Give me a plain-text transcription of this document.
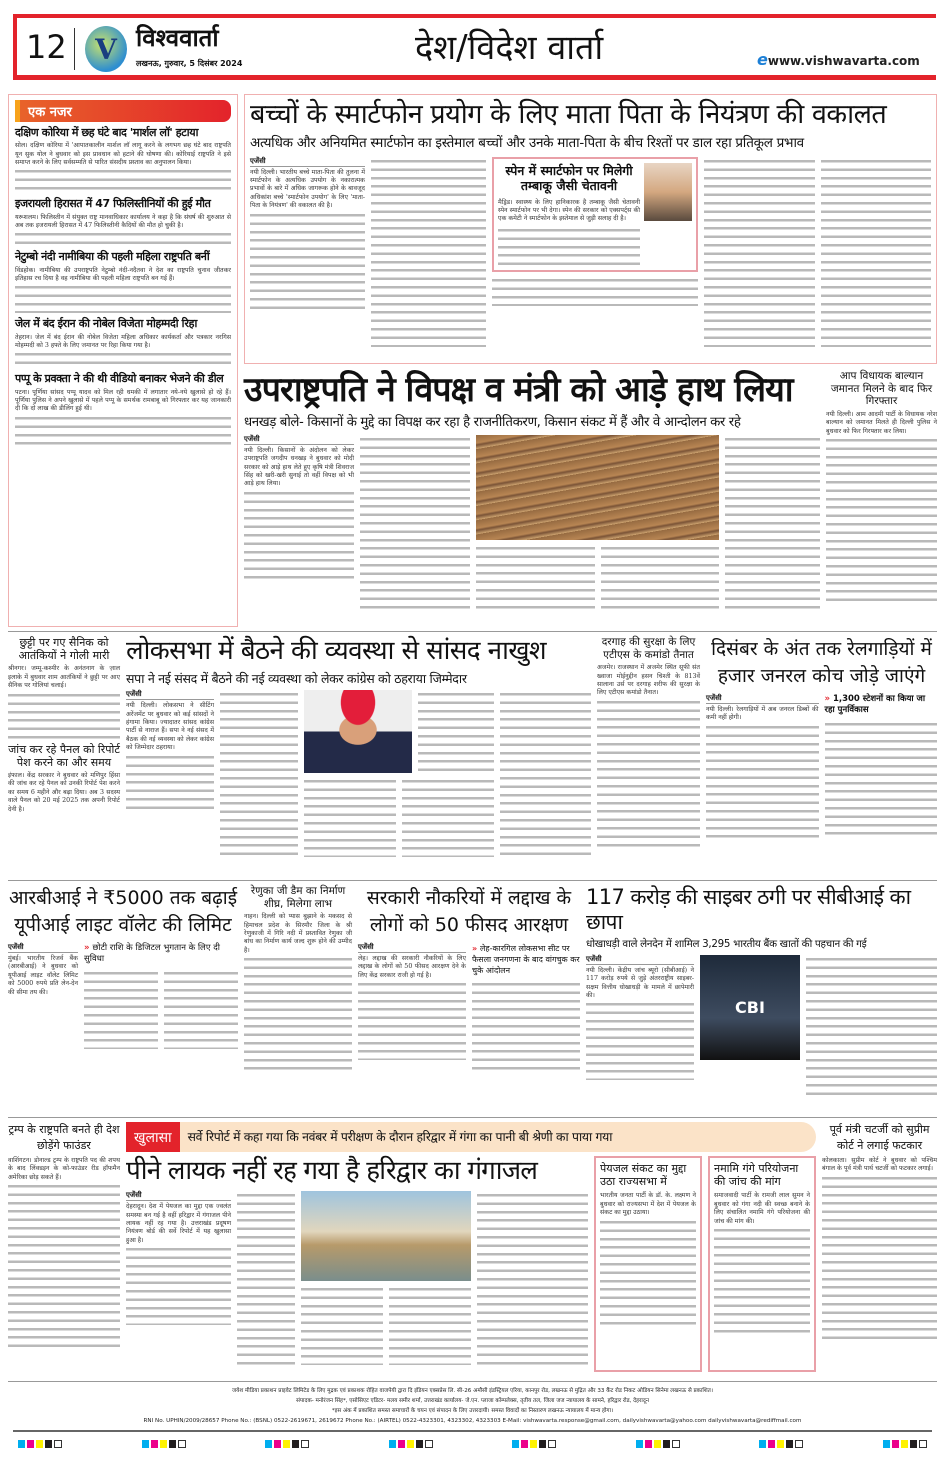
12	V विश्ववार्ता
लखनऊ, गुरुवार, 5 दिसंबर 2024	देश/विदेश वार्ता	ewww.vishwavarta.com
एक नजर
दक्षिण कोरिया में छह घंटे बाद 'मार्शल लॉ' हटाया
सोल। दक्षिण कोरिया में 'आपातकालीन मार्शल लॉ लागू करने के लगभग छह घंटे बाद राष्ट्रपति यून सुक योल ने बुधवार को इस प्रावधान को हटाने की घोषणा की। कोरियाई राष्ट्रपति ने इसे समाप्त करने के लिए सर्वसम्मति से पारित संसदीय प्रस्ताव का अनुपालन किया।
इजरायली हिरासत में 47 फिलिस्तीनियों की हुई मौत
यरूशलम। फिलिस्तीन में संयुक्त राष्ट्र मानवाधिकार कार्यालय ने कहा है कि संघर्ष की शुरुआत से अब तक इजरायली हिरासत में 47 फिलिस्तीनी कैदियों की मौत हो चुकी है।
नेटुम्बो नंदी नामीबिया की पहली महिला राष्ट्रपति बनीं
विंडहोक। नामीबिया की उपराष्ट्रपति नेटुम्बो नंदी-नदैतवा ने देश का राष्ट्रपति चुनाव जीतकर इतिहास रच दिया है वह नामीबिया की पहली महिला राष्ट्रपति बन गई हैं।
जेल में बंद ईरान की नोबेल विजेता मोहम्मदी रिहा
तेहरान। जेल में बंद ईरान की नोबेल विजेता महिला अधिकार कार्यकर्ता और पत्रकार नरगिस मोहम्मदी को 3 हफ्ते के लिए जमानत पर रिहा किया गया है।
पप्पू के प्रवक्ता ने की थी वीडियो बनाकर भेजने की डील
पटना। पूर्णिया सांसद पप्पू यादव को मिल रही धमकी में लगातार नये-नये खुलासे हो रहे हैं। पूर्णिया पुलिस ने अपने खुलासे में पहले पप्पू के समर्थक रामबाबू को गिरफ्तार कर यह जानकारी दी कि दो लाख की डीलिंग हुई थी।
बच्चों के स्मार्टफोन प्रयोग के लिए माता पिता के नियंत्रण की वकालत
अत्यधिक और अनियमित स्मार्टफोन का इस्तेमाल बच्चों और उनके माता-पिता के बीच रिश्तों पर डाल रहा प्रतिकूल प्रभाव
एजेंसी
नयी दिल्ली। भारतीय बच्चे माता-पिता की तुलना में स्मार्टफोन के अत्यधिक उपयोग के नकारात्मक प्रभावों के बारे में अधिक जागरूक होने के बावजूद अधिकांश बच्चे 'स्मार्टफोन उपयोग' के लिए 'माता-पिता के नियंत्रण' की वकालत की है।
स्पेन में स्मार्टफोन पर मिलेगी तम्बाकू जैसी चेतावनी
मैड्रिड। स्वास्थ्य के लिए हानिकारक है तम्बाकू जैसी चेतावनी स्पेन स्मार्टफोन पर भी देगा। स्पेन की सरकार को एक्सपर्ट्स की एक कमेटी ने स्मार्टफोन के इस्तेमाल से जुड़ी सलाह दी है।
उपराष्ट्रपति ने विपक्ष व मंत्री को आड़े हाथ लिया
धनखड़ बोले- किसानों के मुद्दे का विपक्ष कर रहा है राजनीतिकरण, किसान संकट में हैं और वे आन्दोलन कर रहे
एजेंसी
नयी दिल्ली। किसानों के अंदोलन को लेकर उपराष्ट्रपति जगदीप धनखड़ ने बुधवार को मोदी सरकार को आड़े हाथ लेते हुए कृषि मंत्री शिवराज सिंह को खरी-खरी सुनाई तो वहीं विपक्ष को भी आड़े हाथ लिया।
आप विधायक बाल्यान जमानत मिलने के बाद फिर गिरफ्तार
नयी दिल्ली। आम आदमी पार्टी के विधायक नरेश बाल्यान को जमानत मिलते ही दिल्ली पुलिस ने बुधवार को फिर गिरफ्तार कर लिया।
छुट्टी पर गए सैनिक को आतंकियों ने गोली मारी
श्रीनगर। जम्मू-कश्मीर के अनंतनाग के ज़ाल इलाके में बुधवार शाम आतंकियों ने छुट्टी पर आए सैनिक पर गोलियां चलाई।
जांच कर रहे पैनल को रिपोर्ट पेश करने का और समय
इंफाल। केंद्र सरकार ने बुधवार को मणिपुर हिंसा की जांच कर रहे पैनल को उनकी रिपोर्ट पेश करने का समय 6 महीने और बढ़ा दिया। अब 3 सदस्य वाले पैनल को 20 मई 2025 तक अपनी रिपोर्ट देनी है।
लोकसभा में बैठने की व्यवस्था से सांसद नाखुश
सपा ने नई संसद में बैठने की नई व्यवस्था को लेकर कांग्रेस को ठहराया जिम्मेदार
एजेंसी
नयी दिल्ली। लोकसभा ने सीटिंग अरेंजमेंट पर बुधवार को कई सांसदों ने हंगामा किया। ज्यादातर सांसद कांग्रेस पार्टी से नाराज हैं। सपा ने नई संसद में बैठक की नई व्यवस्था को लेकर कांग्रेस को जिम्मेदार ठहराया।
दरगाह की सुरक्षा के लिए एटीएस के कमांडो तैनात
अजमेर। राजस्थान में अजमेर स्थित सूफी संत ख्वाजा मोईनुद्दीन हसन चिश्ती के 813वें सालाना उर्स पर दरगाह शरीफ की सुरक्षा के लिए एटीएस कमांडो तैनात।
दिसंबर के अंत तक रेलगाड़ियों में हजार जनरल कोच जोड़े जाएंगे
एजेंसी
नयी दिल्ली। रेलगाड़ियों में अब जनरल डिब्बों की कमी नहीं होगी।
» 1,300 स्टेशनों का किया जा रहा पुनर्विकास
आरबीआई ने ₹5000 तक बढ़ाई यूपीआई लाइट वॉलेट की लिमिट
एजेंसी
मुंबई। भारतीय रिजर्व बैंक (आरबीआई) ने बुधवार को यूपीआई लाइट वॉलेट लिमिट को 5000 रुपये प्रति लेन-देन की सीमा तय की।
» छोटी राशि के डिजिटल भुगतान के लिए दी सुविधा
रेणुका जी डैम का निर्माण शीघ्र, मिलेगा लाभ
नाहन। दिल्ली को प्यास बुझाने के मकसद से हिमाचल प्रदेश के सिरमौर जिला के श्री रेणुकाजी में गिरि नदी में प्रस्तावित रेणुका जी बांध का निर्माण कार्य जल्द शुरू होने की उम्मीद है।
सरकारी नौकरियों में लद्दाख के लोगों को 50 फीसद आरक्षण
एजेंसी
लेह। लद्दाख की सरकारी नौकरियों के लिए लद्दाख के लोगों को 50 फीसद आरक्षण देने के लिए केंद्र सरकार राजी हो गई है।
» लेह-कारगिल लोकसभा सीट पर फैसला जनगणना के बाद वांगचुक कर चुके आंदोलन
117 करोड़ की साइबर ठगी पर सीबीआई का छापा
धोखाधड़ी वाले लेनदेन में शामिल 3,295 भारतीय बैंक खातों की पहचान की गई
एजेंसी
नयी दिल्ली। केंद्रीय जांच ब्यूरो (सीबीआई) ने 117 करोड़ रुपये से जुड़े अंतरराष्ट्रीय साइबर-सक्षम वित्तीय धोखाधड़ी के मामले में छापेमारी की।
CBI
ट्रम्प के राष्ट्रपति बनते ही देश छोड़ेंगे फाउंडर
वाशिंगटन। डोनाल्ड ट्रम्प के राष्ट्रपति पद की शपथ के बाद लिंक्डइन के को-फाउंडर रीड हॉफमैन अमेरिका छोड़ सकते हैं।
खुलासा	सर्वे रिपोर्ट में कहा गया कि नवंबर में परीक्षण के दौरान हरिद्वार में गंगा का पानी बी श्रेणी का पाया गया
पीने लायक नहीं रह गया है हरिद्वार का गंगाजल
एजेंसी
देहरादून। देश में पेयजल का मुद्दा एक ज्वलंत समस्या बन गई है वहीं हरिद्वार में गंगाजल पीने लायक नहीं रह गया है। उत्तराखंड प्रदूषण नियंत्रण बोर्ड की सर्वे रिपोर्ट में यह खुलासा हुआ है।
पेयजल संकट का मुद्दा उठा राज्यसभा में
भारतीय जनता पार्टी के डॉ. के. लक्ष्मण ने बुधवार को राज्यसभा में देश में पेयजल के संकट का मुद्दा उठाया।
नमामि गंगे परियोजना की जांच की मांग
समाजवादी पार्टी के रामजी लाल सुमन ने बुधवार को गंगा नदी की स्वच्छ बनाने के लिए संचालित नमामि गंगे परियोजना की जांच की मांग की।
पूर्व मंत्री चटर्जी को सुप्रीम कोर्ट ने लगाई फटकार
कोलकाता। सुप्रीम कोर्ट ने बुधवार को पश्चिम बंगाल के पूर्व मंत्री पार्थ चटर्जी को फटकार लगाई।
जयेश मीडिया प्रकाशन प्राइवेट लिमिटेड के लिए मुद्रक एवं प्रकाशक रोहित वाजपेयी द्वारा दि इंडियन एक्सप्रेस लि. सी-26 अमौसी इंडस्ट्रियल एरिया, कानपुर रोड, लखनऊ से मुद्रित और 33 कैंट रोड निकट ओडियन सिनेमा लखनऊ से प्रकाशित।
संपादक- मनोरंजन सिंह*, एसोसिएट एडिटर- मलय समीर शर्मा, उत्तराखंड कार्यालय- जे.एन. प्लाजा कॉम्पलेक्स, तृतीय तल, जिला जज न्यायालय के सामने, हरिद्वार रोड, देहरादून
*इस अंक में प्रकाशित समस्त समाचारों के चयन एवं संपादन के लिए उत्तरदायी। समस्त विवादों का निस्तारण लखनऊ न्यायालय में मान्य होगा।
RNI No. UPHIN/2009/28657 Phone No.: (BSNL) 0522-2619671, 2619672 Phone No.: (AIRTEL) 0522-4323301, 4323302, 4323303 E-Mail: vishwavarta.response@gmail.com, dailyvishwavarta@yahoo.com dailyvishwavarta@rediffmail.com
